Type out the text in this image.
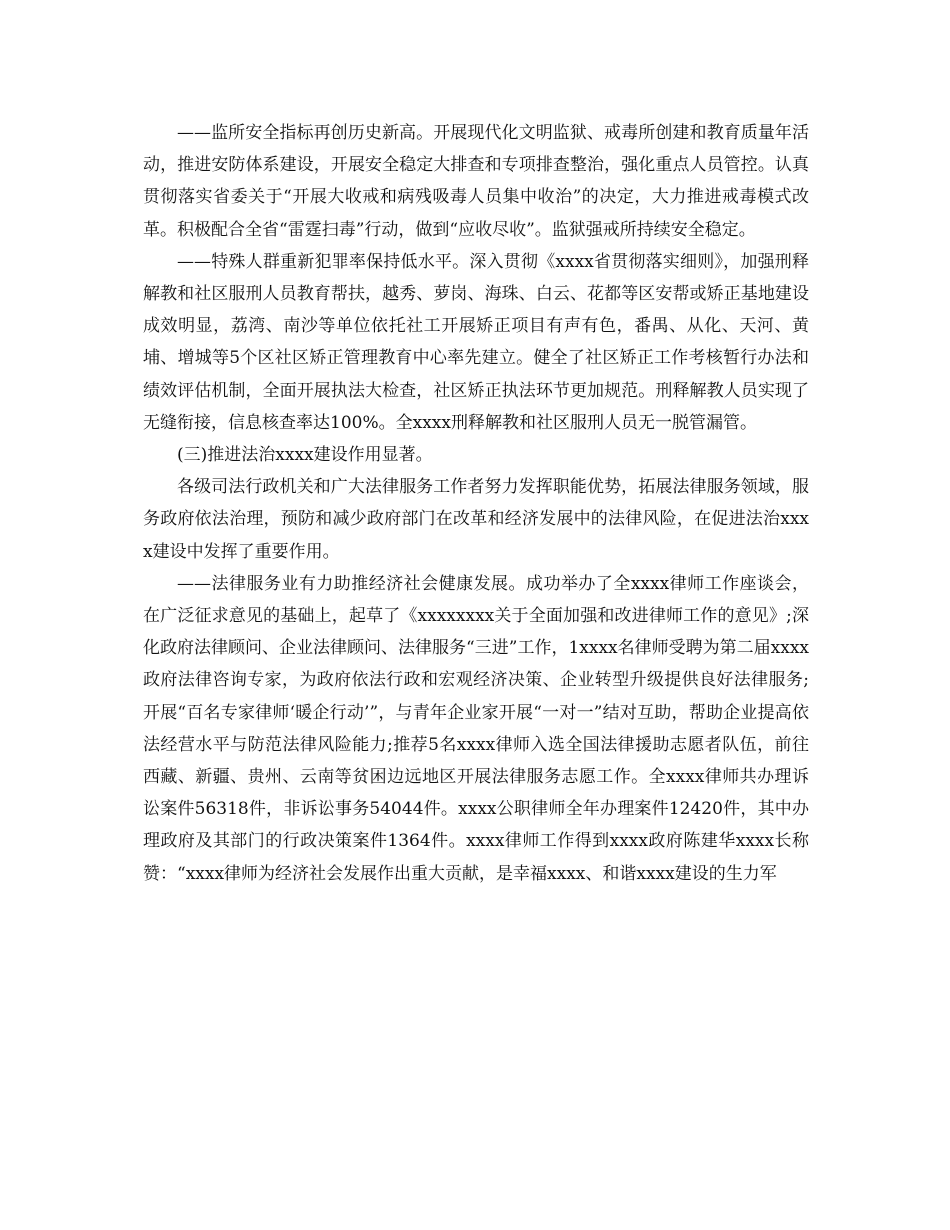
——监所安全指标再创历史新高。开展现代化文明监狱、戒毒所创建和教育质量年活动，推进安防体系建设，开展安全稳定大排查和专项排查整治，强化重点人员管控。认真贯彻落实省委关于“开展大收戒和病残吸毒人员集中收治”的决定，大力推进戒毒模式改革。积极配合全省“雷霆扫毒”行动，做到“应收尽收”。监狱强戒所持续安全稳定。

——特殊人群重新犯罪率保持低水平。深入贯彻《xxxx省贯彻落实细则》，加强刑释解教和社区服刑人员教育帮扶，越秀、萝岗、海珠、白云、花都等区安帮或矫正基地建设成效明显，荔湾、南沙等单位依托社工开展矫正项目有声有色，番禺、从化、天河、黄埔、增城等5个区社区矫正管理教育中心率先建立。健全了社区矫正工作考核暂行办法和绩效评估机制，全面开展执法大检查，社区矫正执法环节更加规范。刑释解教人员实现了无缝衔接，信息核查率达100%。全xxxx刑释解教和社区服刑人员无一脱管漏管。

(三)推进法治xxxx建设作用显著。

各级司法行政机关和广大法律服务工作者努力发挥职能优势，拓展法律服务领域，服务政府依法治理，预防和减少政府部门在改革和经济发展中的法律风险，在促进法治xxxx建设中发挥了重要作用。

——法律服务业有力助推经济社会健康发展。成功举办了全xxxx律师工作座谈会，在广泛征求意见的基础上，起草了《xxxxxxxx关于全面加强和改进律师工作的意见》;深化政府法律顾问、企业法律顾问、法律服务“三进”工作，1xxxx名律师受聘为第二届xxxx政府法律咨询专家，为政府依法行政和宏观经济决策、企业转型升级提供良好法律服务;开展“百名专家律师‘暖企行动’”，与青年企业家开展“一对一”结对互助，帮助企业提高依法经营水平与防范法律风险能力;推荐5名xxxx律师入选全国法律援助志愿者队伍，前往西藏、新疆、贵州、云南等贫困边远地区开展法律服务志愿工作。全xxxx律师共办理诉讼案件56318件，非诉讼事务54044件。xxxx公职律师全年办理案件12420件，其中办理政府及其部门的行政决策案件1364件。xxxx律师工作得到xxxx政府陈建华xxxx长称赞：“xxxx律师为经济社会发展作出重大贡献，是幸福xxxx、和谐xxxx建设的生力军
